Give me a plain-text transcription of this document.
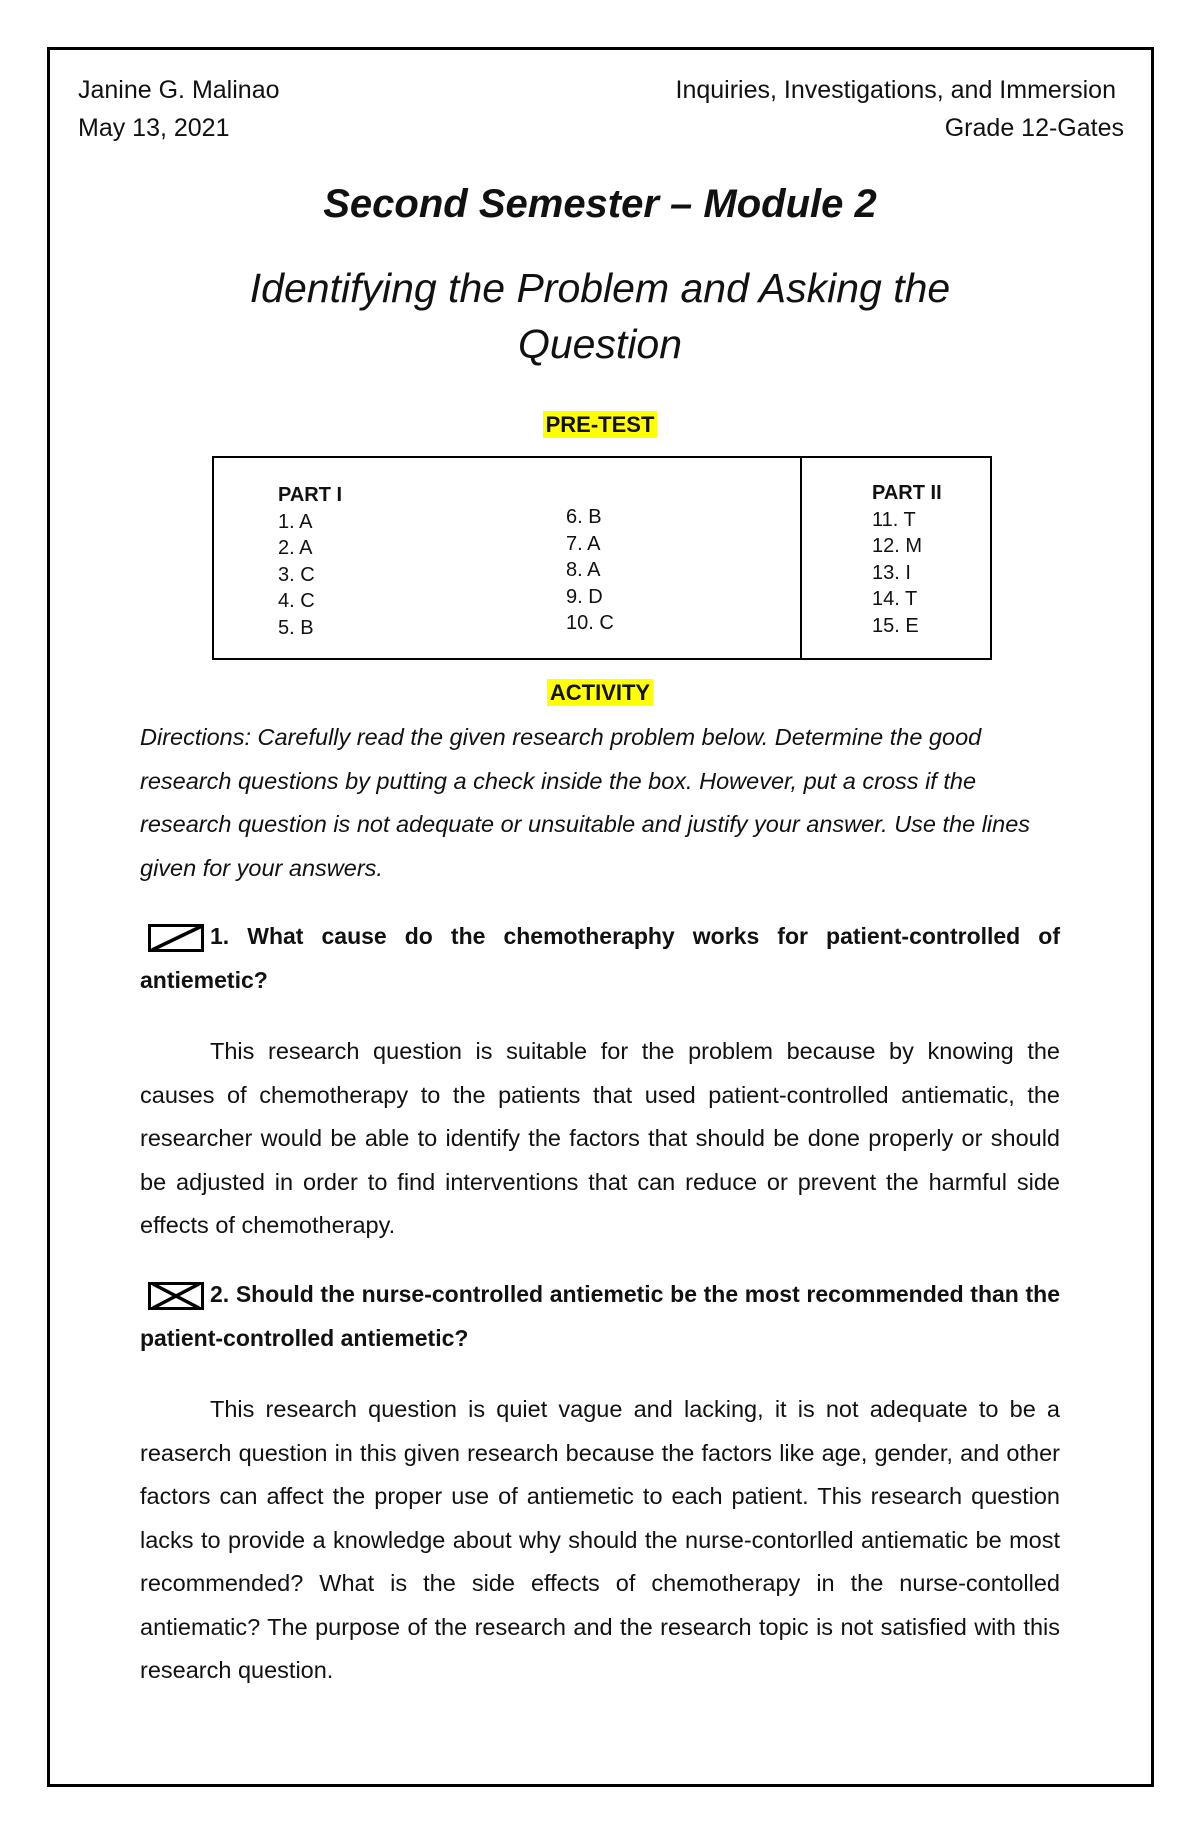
Janine G. Malinao
May 13, 2021
Inquiries, Investigations, and Immersion
Grade 12-Gates
Second Semester – Module 2
Identifying the Problem and Asking the
Question
PRE-TEST
PART I
1. A
2. A
3. C
4. C
5. B
6. B
7. A
8. A
9. D
10. C
PART II
11. T
12. M
13. I
14. T
15. E
ACTIVITY
Directions: Carefully read the given research problem below. Determine the good research questions by putting a check inside the box. However, put a cross if the research question is not adequate or unsuitable and justify your answer. Use the lines given for your answers.
1. What cause do the chemotheraphy works for patient-controlled of antiemetic?
This research question is suitable for the problem because by knowing the causes of chemotherapy to the patients that used patient-controlled antiematic, the researcher would be able to identify the factors that should be done properly or should be adjusted in order to find interventions that can reduce or prevent the harmful side effects of chemotherapy.
2. Should the nurse-controlled antiemetic be the most recommended than the patient-controlled antiemetic?
This research question is quiet vague and lacking, it is not adequate to be a reaserch question in this given research because the factors like age, gender, and other factors can affect the proper use of antiemetic to each patient. This research question lacks to provide a knowledge about why should the nurse-contorlled antiematic be most recommended? What is the side effects of chemotherapy in the nurse-contolled antiematic? The purpose of the research and the research topic is not satisfied with this research question.
